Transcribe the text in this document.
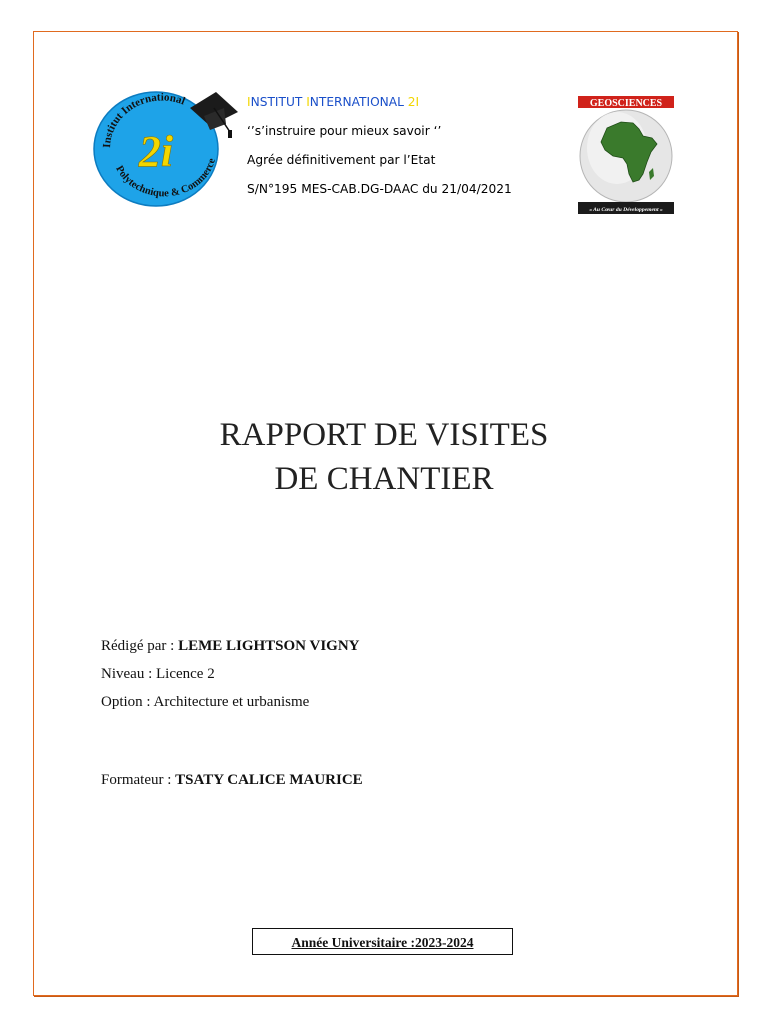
Institut International
Polytechnique & Commerce
2i
INSTITUT INTERNATIONAL 2I
‘’s’instruire pour mieux savoir ‘’
Agrée définitivement par l’Etat
S/N°195 MES-CAB.DG-DAAC du 21/04/2021
GEOSCIENCES
« Au Cœur du Développement »
RAPPORT DE VISITES
DE CHANTIER
Rédigé par : LEME LIGHTSON VIGNY
Niveau : Licence 2
Option : Architecture et urbanisme
Formateur : TSATY CALICE MAURICE
Année Universitaire :2023-2024
